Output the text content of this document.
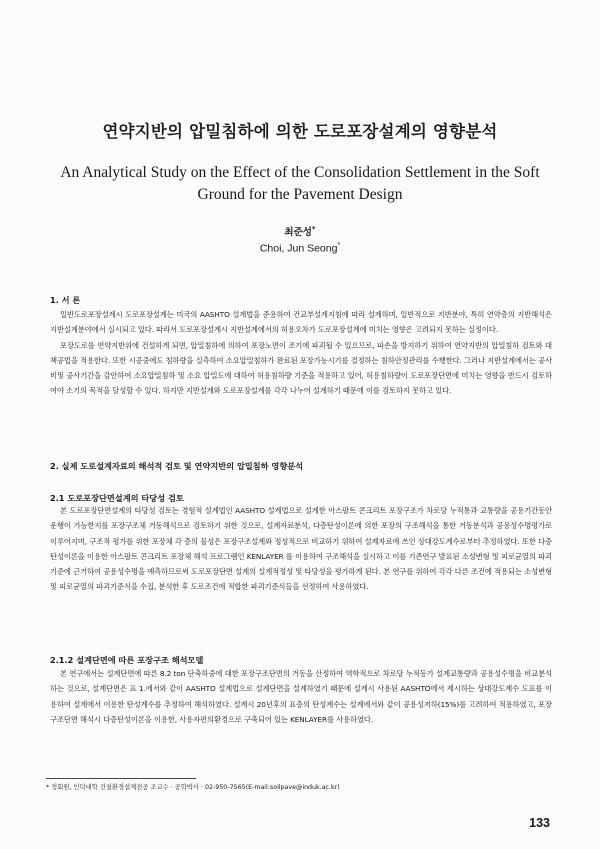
연약지반의 압밀침하에 의한 도로포장설계의 영향분석
An Analytical Study on the Effect of the Consolidation Settlement in the Soft Ground for the Pavement Design
최준성*
Choi, Jun Seong*
1. 서 론

일반도로포장설계시 도로포장설계는 미국의 AASHTO 설계법을 준용하여 건교부설계지침에 따라 설계하며, 일반적으로 지반분야, 특히 연약층의 지반해석은 지반설계분야에서 실시되고 있다. 따라서 도로포장설계시 지반설계에서의 허용오차가 도로포장설계에 미치는 영향은 고려되지 못하는 실정이다.

포장도로를 연약지반위에 건설하게 되면, 압밀침하에 의하여 포장노면이 조기에 파괴될 수 있으므로, 파손을 방지하기 위하여 연약지반의 압밀침하 검토와 대책공법을 적용한다. 또한 시공중에도 침하량을 실측하여 소요압밀침하가 완료된 포장가능시기를 결정하는 침하안정관리를 수행한다. 그러나 지반설계에서는 공사비및 공사기간을 감안하여 소요압밀침하 및 소요 압밀도에 대하여 허용침하량 기준을 적용하고 있어, 허용침하량이 도로포장단면에 미치는 영향을 반드시 검토하여야 소기의 목적을 달성할 수 있다. 하지만 지반설계와 도로포장설계를 각각 나누어 설계하기 때문에 이를 검토하지 못하고 있다.

2. 실제 도로설계자료의 해석적 검토 및 연약지반의 압밀침하 영향분석
2.1 도로포장단면설계의 타당성 검토

본 도로포장단면설계의 타당성 검토는 경험적 설계법인 AASHTO 설계법으로 설계한 아스팔트 콘크리트 포장구조가 차로당 누적통과 교통량을 공용기간동안 운행이 가능한지를 포장구조체 거동해석으로 검토하기 위한 것으로, 설계자료분석, 다층탄성이론에 의한 포장의 구조해석을 통한 거동분석과 공용성수명평가로 이루어지며, 구조적 평가를 위한 포장체 각 층의 물성은 포장구조설계와 정성적으로 비교하기 위하여 설계자료에 쓰인 상대강도계수로부터 추정하였다. 또한 다층탄성이론을 이용한 아스팔트 콘크리트 포장체 해석 프로그램인 KENLAYER 를 이용하여 구조해석을 실시하고 이를 기존연구 발표된 소성변형 및 피로균열의 파괴기준에 근거하여 공용성수명을 예측하므로써 도로포장단면 설계의 설계적정성 및 타당성을 평가하게 된다. 본 연구를 위하여 각각 다른 조건에 적용되는 소성변형 및 피로균열의 파괴기준식을 수집, 분석한 후 도로조건에 적합한 파괴기준식들을 선정하여 사용하였다.

2.1.2 설계단면에 따른 포장구조 해석모델

본 연구에서는 설계단면에 따른 8.2 ton 단축하중에 대한 포장구조단면의 거동을 산정하여 역학적으로 차로당 누적등가 설계교통량과 공용성수명을 비교분석하는 것으로, 설계단면은 표 1.에서와 같이 AASHTO 설계법으로 설계단면을 설계하였기 때문에 설계시 사용된 AASHTO에서 제시하는 상대강도계수 도표를 이용하여 설계에서 이용한 탄성계수를 추정하여 해석하였다. 설계시 20년후의 표층의 탄성계수는 설계에서와 같이 공용성저하(15%)를 고려하여 적용하였고, 포장구조단면 해석시 다층탄성이론을 이용한, 사용자편의환경으로 구축되어 있는 KENLAYER를 사용하였다.

* 정회원, 인덕대학 건설환경설계전공 조교수 · 공학박사 · 02-950-7565(E-mail:soilpave@induk.ac.kr)
133
